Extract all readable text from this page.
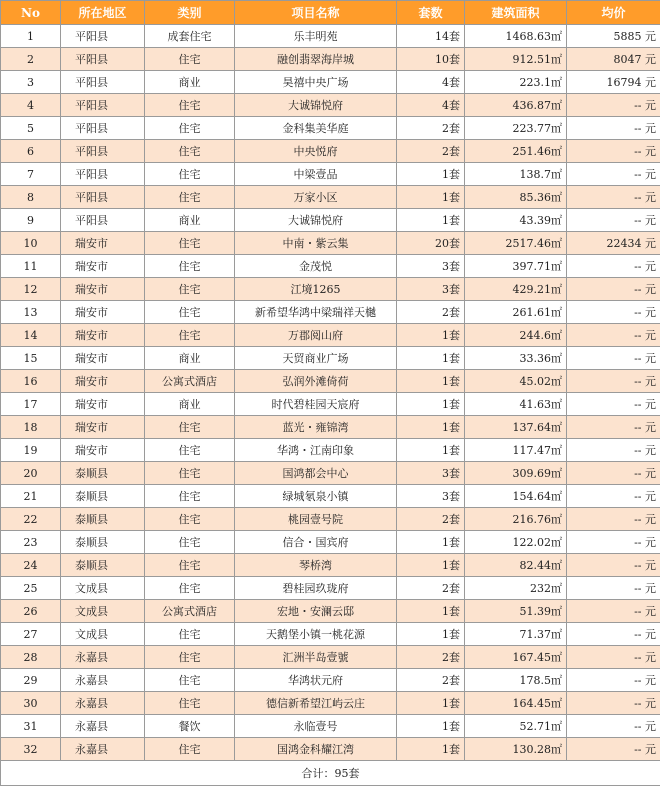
No	所在地区	类别	项目名称	套数	建筑面积	均价
1	平阳县	成套住宅	乐丰明苑	14套	1468.63㎡	5885 元
2	平阳县	住宅	融创翡翠海岸城	10套	912.51㎡	8047 元
3	平阳县	商业	昊禧中央广场	4套	223.1㎡	16794 元
4	平阳县	住宅	大诚锦悦府	4套	436.87㎡	-- 元
5	平阳县	住宅	金科集美华庭	2套	223.77㎡	-- 元
6	平阳县	住宅	中央悦府	2套	251.46㎡	-- 元
7	平阳县	住宅	中梁壹品	1套	138.7㎡	-- 元
8	平阳县	住宅	万家小区	1套	85.36㎡	-- 元
9	平阳县	商业	大诚锦悦府	1套	43.39㎡	-- 元
10	瑞安市	住宅	中南・紫云集	20套	2517.46㎡	22434 元
11	瑞安市	住宅	金茂悦	3套	397.71㎡	-- 元
12	瑞安市	住宅	江境1265	3套	429.21㎡	-- 元
13	瑞安市	住宅	新希望华鸿中梁瑞祥天樾	2套	261.61㎡	-- 元
14	瑞安市	住宅	万郡阅山府	1套	244.6㎡	-- 元
15	瑞安市	商业	天贸商业广场	1套	33.36㎡	-- 元
16	瑞安市	公寓式酒店	弘润外滩倚荷	1套	45.02㎡	-- 元
17	瑞安市	商业	时代碧桂园天宸府	1套	41.63㎡	-- 元
18	瑞安市	住宅	蓝光・雍锦湾	1套	137.64㎡	-- 元
19	瑞安市	住宅	华鸿・江南印象	1套	117.47㎡	-- 元
20	泰顺县	住宅	国鸿都会中心	3套	309.69㎡	-- 元
21	泰顺县	住宅	绿城氡泉小镇	3套	154.64㎡	-- 元
22	泰顺县	住宅	桃园壹号院	2套	216.76㎡	-- 元
23	泰顺县	住宅	信合・国宾府	1套	122.02㎡	-- 元
24	泰顺县	住宅	琴桥湾	1套	82.44㎡	-- 元
25	文成县	住宅	碧桂园玖珑府	2套	232㎡	-- 元
26	文成县	公寓式酒店	宏地・安澜云邸	1套	51.39㎡	-- 元
27	文成县	住宅	天鹅堡小镇一桃花源	1套	71.37㎡	-- 元
28	永嘉县	住宅	汇洲半岛壹號	2套	167.45㎡	-- 元
29	永嘉县	住宅	华鸿状元府	2套	178.5㎡	-- 元
30	永嘉县	住宅	德信新希望江屿云庄	1套	164.45㎡	-- 元
31	永嘉县	餐饮	永临壹号	1套	52.71㎡	-- 元
32	永嘉县	住宅	国鸿金科耀江湾	1套	130.28㎡	-- 元
合计：95套						
